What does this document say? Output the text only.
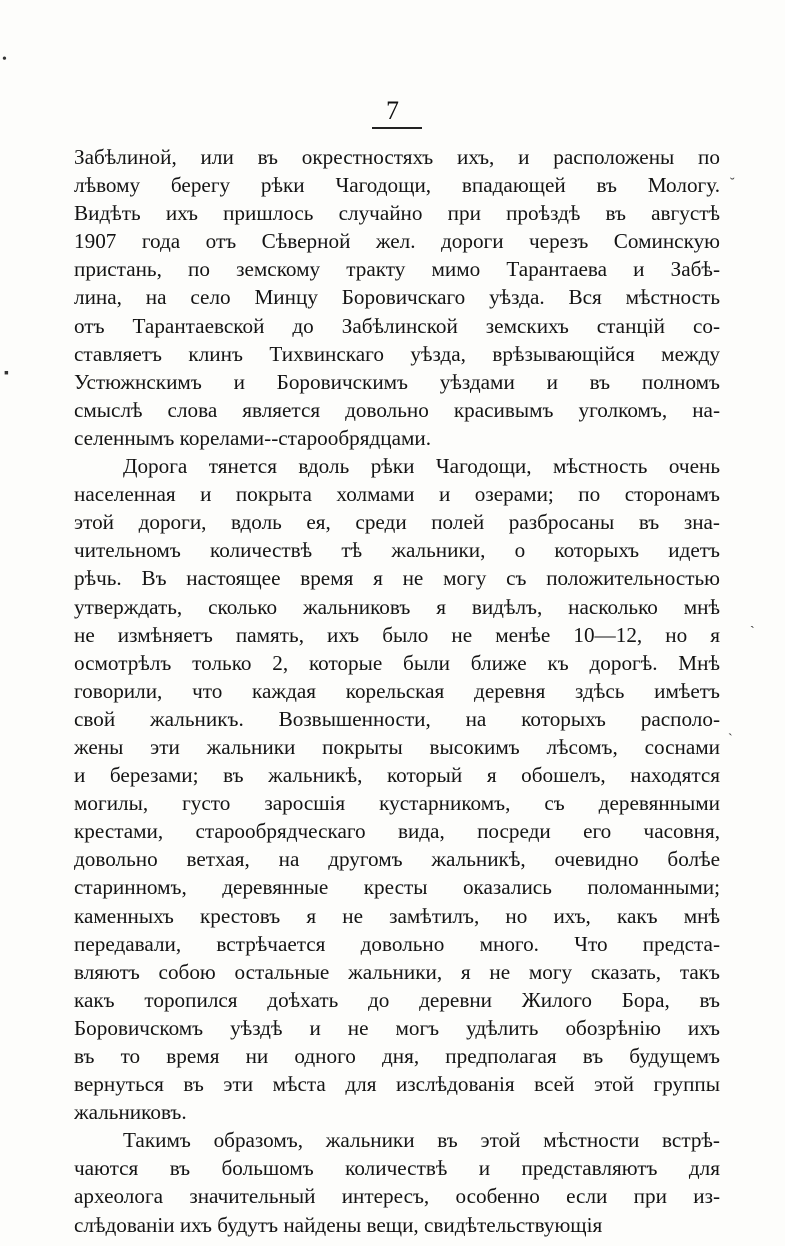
7
Забѣлиной, или въ окрестностяхъ ихъ, и расположены по
лѣвому берегу рѣки Чагодощи, впадающей въ Мологу.
Видѣть ихъ пришлось случайно при проѣздѣ въ августѣ
1907 года отъ Сѣверной жел. дороги черезъ Соминскую
пристань, по земскому тракту мимо Тарантаева и Забѣ-
лина, на село Минцу Боровичскаго уѣзда. Вся мѣстность
отъ Тарантаевской до Забѣлинской земскихъ станцій со-
ставляетъ клинъ Тихвинскаго уѣзда, врѣзывающійся между
Устюжнскимъ и Боровичскимъ уѣздами и въ полномъ
смыслѣ слова является довольно красивымъ уголкомъ, на-
селеннымъ корелами--старообрядцами.
Дорога тянется вдоль рѣки Чагодощи, мѣстность очень
населенная и покрыта холмами и озерами; по сторонамъ
этой дороги, вдоль ея, среди полей разбросаны въ зна-
чительномъ количествѣ тѣ жальники, о которыхъ идетъ
рѣчь. Въ настоящее время я не могу съ положительностью
утверждать, сколько жальниковъ я видѣлъ, насколько мнѣ
не измѣняетъ память, ихъ было не менѣе 10—12, но я
осмотрѣлъ только 2, которые были ближе къ дорогѣ. Мнѣ
говорили, что каждая корельская деревня здѣсь имѣетъ
свой жальникъ. Возвышенности, на которыхъ располо-
жены эти жальники покрыты высокимъ лѣсомъ, соснами
и березами; въ жальникѣ, который я обошелъ, находятся
могилы, густо заросшія кустарникомъ, съ деревянными
крестами, старообрядческаго вида, посреди его часовня,
довольно ветхая, на другомъ жальникѣ, очевидно болѣе
старинномъ, деревянные кресты оказались поломанными;
каменныхъ крестовъ я не замѣтилъ, но ихъ, какъ мнѣ
передавали, встрѣчается довольно много. Что предста-
вляютъ собою остальные жальники, я не могу сказать, такъ
какъ торопился доѣхать до деревни Жилого Бора, въ
Боровичскомъ уѣздѣ и не могъ удѣлить обозрѣнію ихъ
въ то время ни одного дня, предполагая въ будущемъ
вернуться въ эти мѣста для изслѣдованія всей этой группы
жальниковъ.
Такимъ образомъ, жальники въ этой мѣстности встрѣ-
чаются въ большомъ количествѣ и представляютъ для
археолога значительный интересъ, особенно если при из-
слѣдованіи ихъ будутъ найдены вещи, свидѣтельствующія
•
˘
▪
ˎ
˴
